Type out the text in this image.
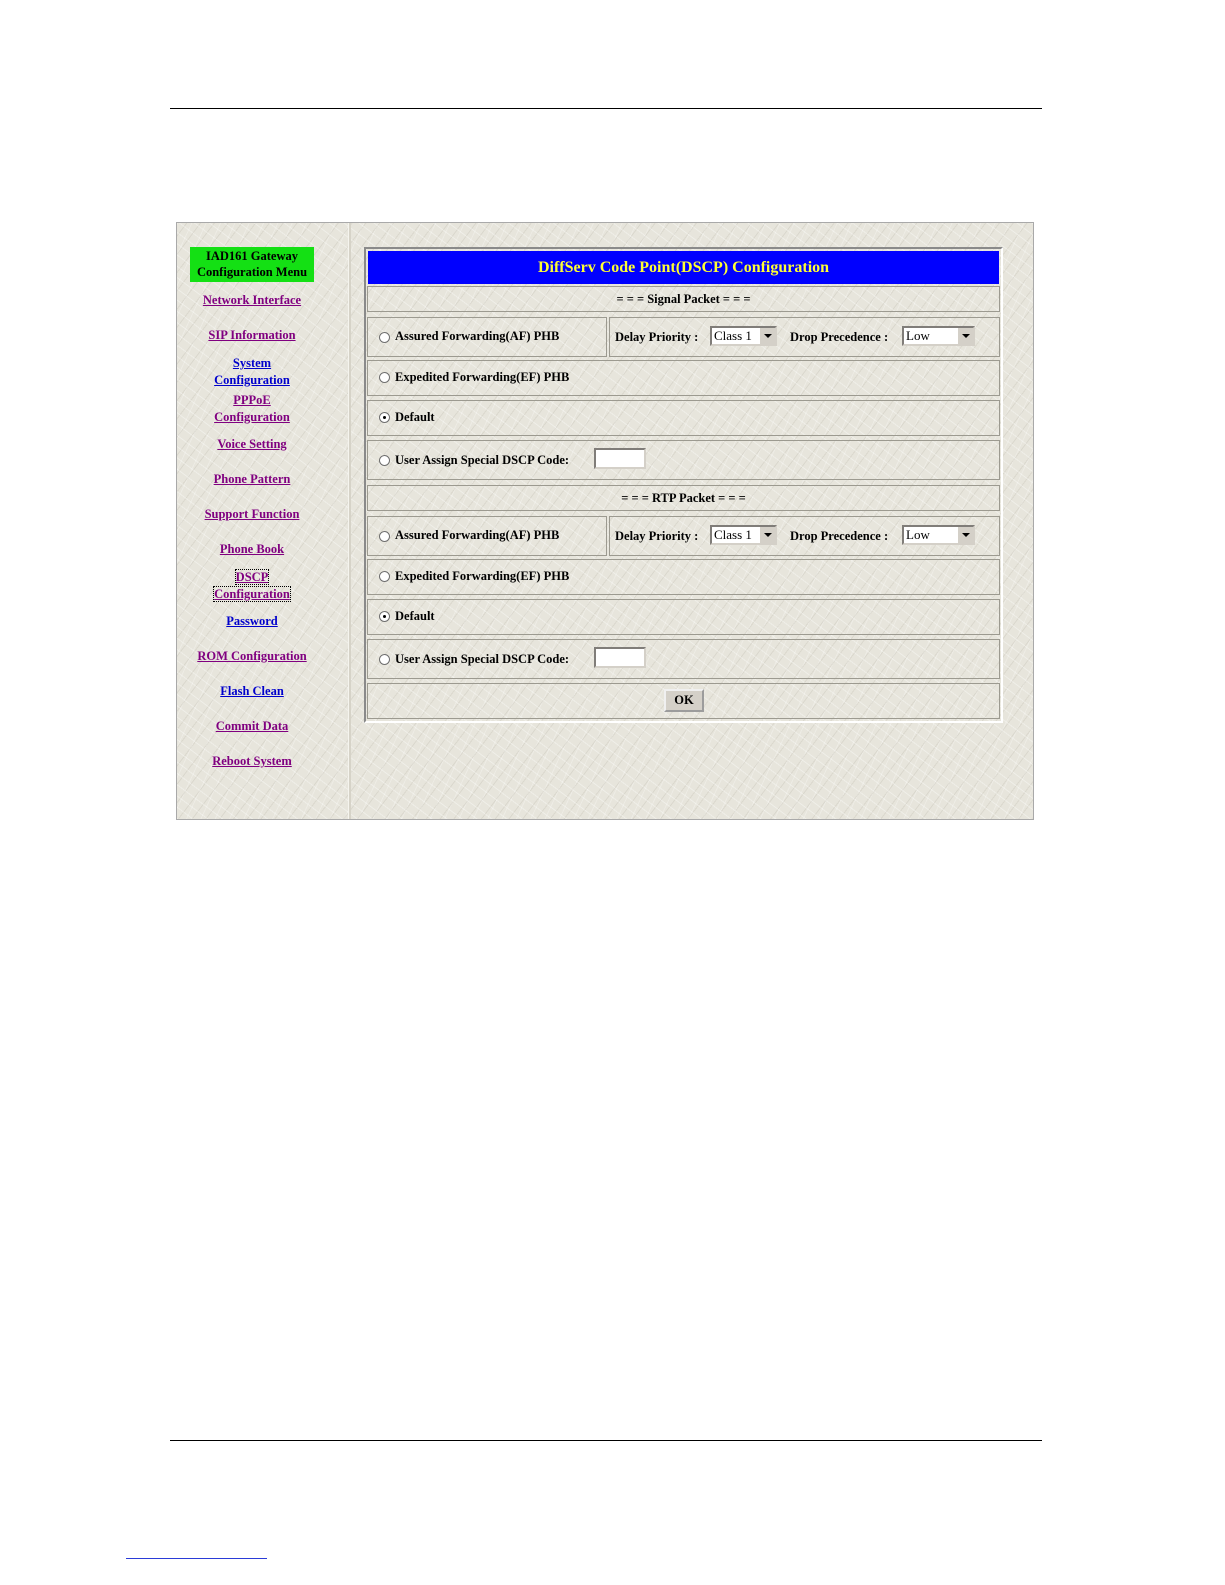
IAD161 Gateway
Configuration Menu
Network Interface
SIP Information
System
Configuration
PPPoE
Configuration
Voice Setting
Phone Pattern
Support Function
Phone Book
DSCP
Configuration
Password
ROM Configuration
Flash Clean
Commit Data
Reboot System
DiffServ Code Point(DSCP) Configuration
= = = Signal Packet = = =
Assured Forwarding(AF) PHB	Delay Priority :	Class 1	Drop Precedence :	Low
Expedited Forwarding(EF) PHB
Default
User Assign Special DSCP Code:
= = = RTP Packet = = =
Assured Forwarding(AF) PHB	Delay Priority :	Class 1	Drop Precedence :	Low
Expedited Forwarding(EF) PHB
Default
User Assign Special DSCP Code:
OK
